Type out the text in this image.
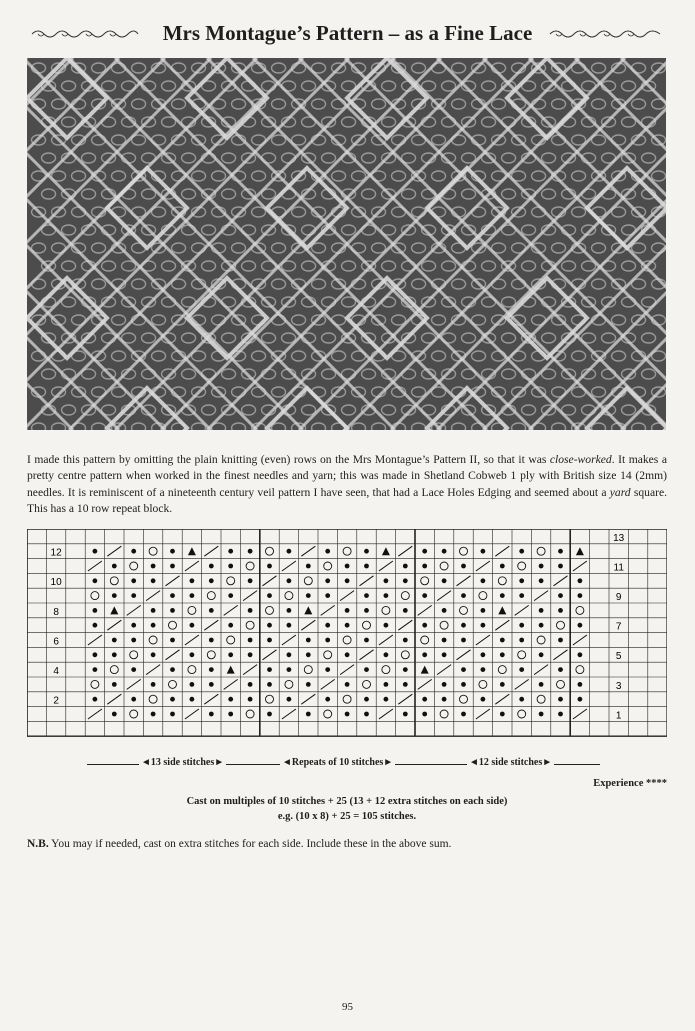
Mrs Montague’s Pattern – as a Fine Lace

I made this pattern by omitting the plain knitting (even) rows on the Mrs Montague’s Pattern II, so that it was close-worked. It makes a pretty centre pattern when worked in the finest needles and yarn; this was made in Shetland Cobweb 1 ply with British size 14 (2mm) needles. It is reminiscent of a nineteenth century veil pattern I have seen, that had a Lace Holes Edging and seemed about a yard square. This has a 10 row repeat block.

12
10
8
6
4
2
13
11
9
7
5
3
1
◄13 side stitches►	◄Repeats of 10 stitches►	◄12 side stitches►
Experience ****
Cast on multiples of 10 stitches + 25 (13 + 12 extra stitches on each side)
e.g. (10 x 8) + 25 = 105 stitches.
N.B. You may if needed, cast on extra stitches for each side. Include these in the above sum.
95
